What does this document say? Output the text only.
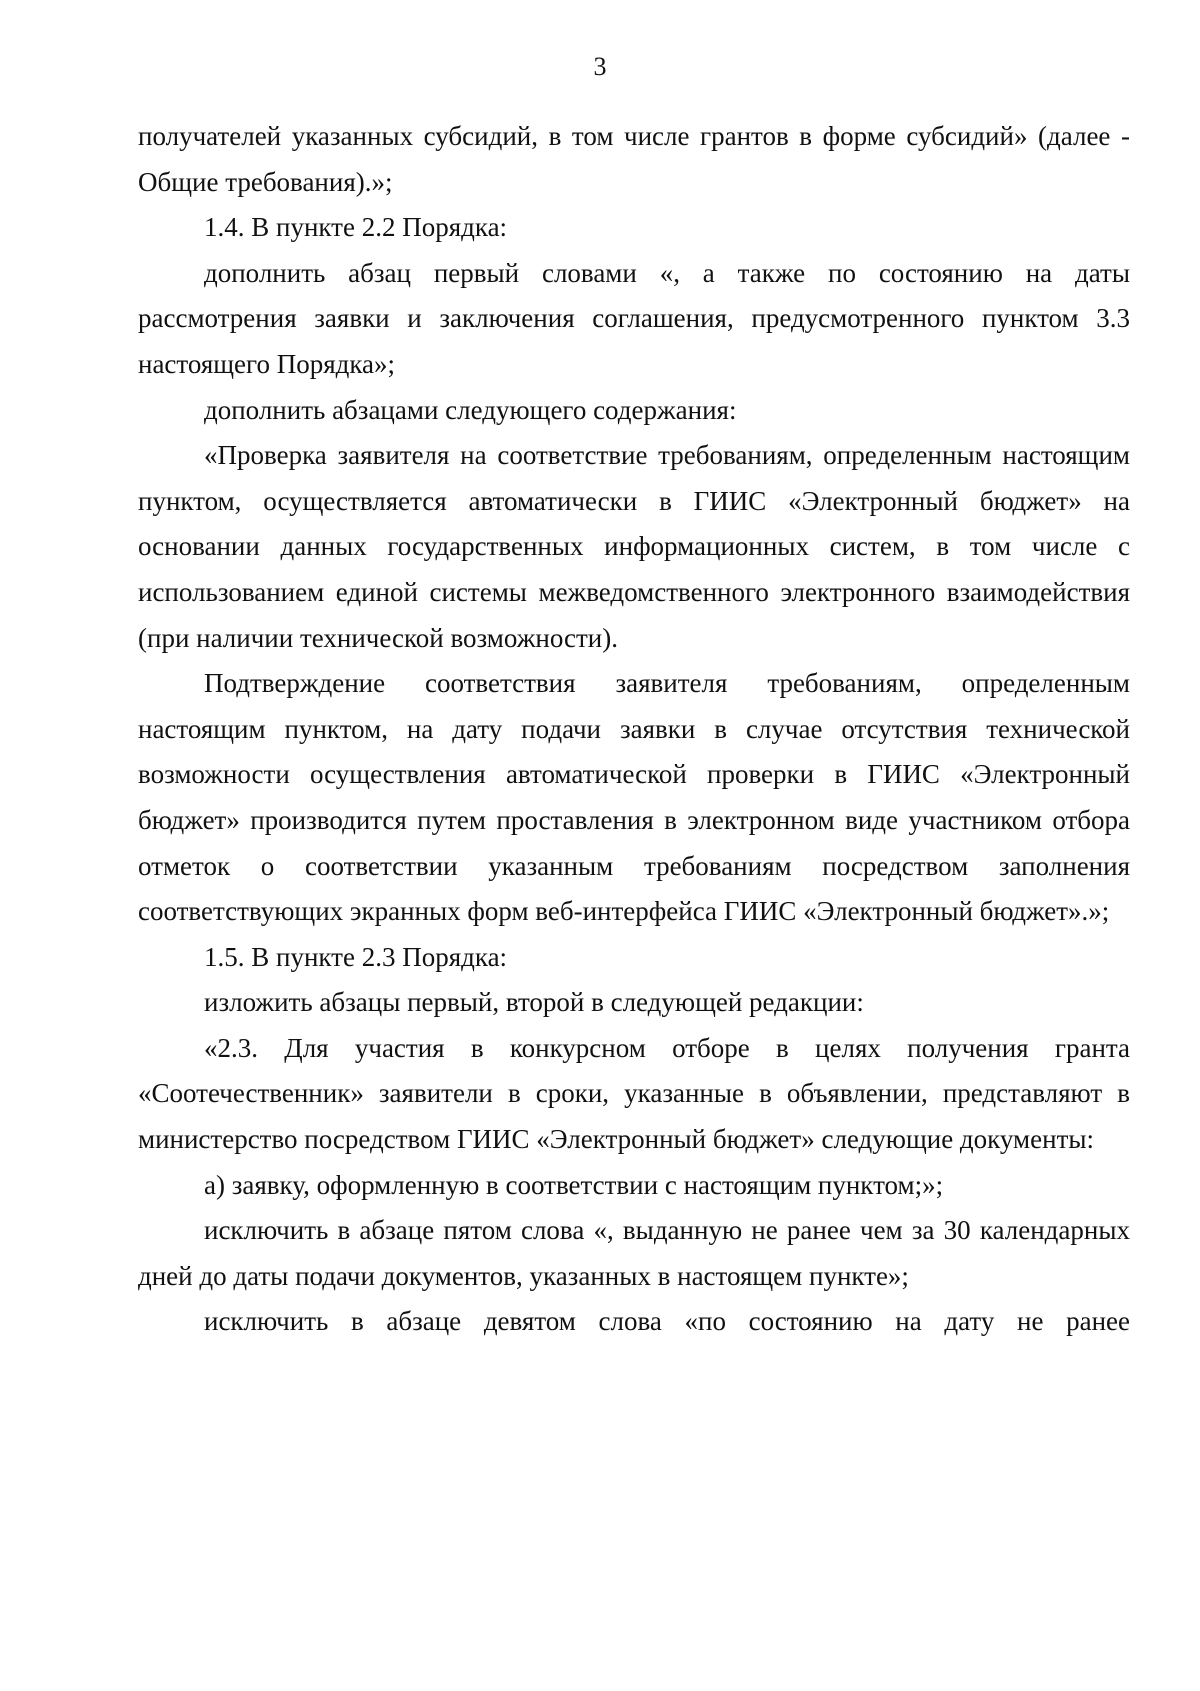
3

получателей указанных субсидий, в том числе грантов в форме субсидий» (далее - Общие требования).»;

1.4. В пункте 2.2 Порядка:

дополнить абзац первый словами «, а также по состоянию на даты рассмотрения заявки и заключения соглашения, предусмотренного пунктом 3.3 настоящего Порядка»;

дополнить абзацами следующего содержания:

«Проверка заявителя на соответствие требованиям, определенным настоящим пунктом, осуществляется автоматически в ГИИС «Электронный бюджет» на основании данных государственных информационных систем, в том числе с использованием единой системы межведомственного электронного взаимодействия (при наличии технической возможности).

Подтверждение соответствия заявителя требованиям, определенным настоящим пунктом, на дату подачи заявки в случае отсутствия технической возможности осуществления автоматической проверки в ГИИС «Электронный бюджет» производится путем проставления в электронном виде участником отбора отметок о соответствии указанным требованиям посредством заполнения соответствующих экранных форм веб-интерфейса ГИИС «Электронный бюджет».»;

1.5. В пункте 2.3 Порядка:

изложить абзацы первый, второй в следующей редакции:

«2.3. Для участия в конкурсном отборе в целях получения гранта «Соотечественник» заявители в сроки, указанные в объявлении, представляют в министерство посредством ГИИС «Электронный бюджет» следующие документы:

а) заявку, оформленную в соответствии с настоящим пунктом;»;

исключить в абзаце пятом слова «, выданную не ранее чем за 30 календарных дней до даты подачи документов, указанных в настоящем пункте»;

исключить в абзаце девятом слова «по состоянию на дату не ранее
